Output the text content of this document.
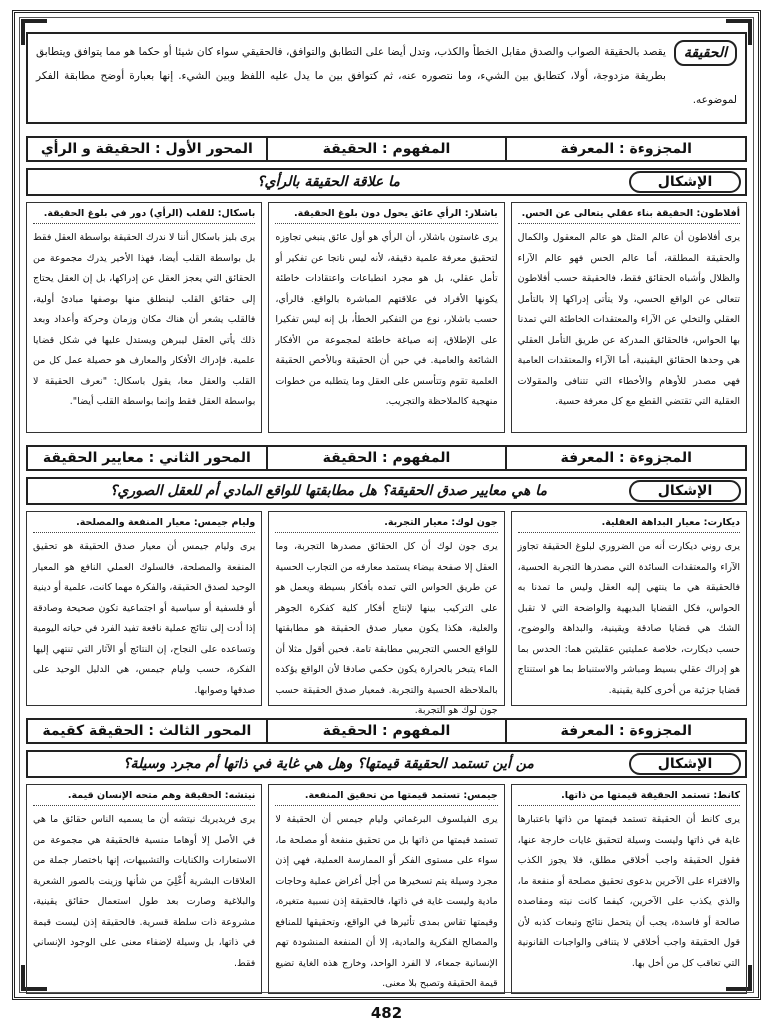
الحقيقة
يقصد بالحقيقة الصواب والصدق مقابل الخطأ والكذب، وتدل أيضا على التطابق والتوافق، فالحقيقي سواء كان شيئا أو حكما هو مما يتوافق ويتطابق بطريقة مزدوجة، أولا، كتطابق بين الشيء، وما نتصوره عنه، ثم كتوافق بين ما يدل عليه اللفظ وبين الشيء. إنها بعبارة أوضح مطابقة الفكر لموضوعه.
المجزوءة : المعرفة
المفهوم : الحقيقة
المحور الأول : الحقيقة و الرأي
الإشكال
ما علاقة الحقيقة بالرأي؟
أفلاطون: الحقيقة بناء عقلي يتعالى عن الحس.
يرى أفلاطون أن عالم المثل هو عالم المعقول والكمال والحقيقة المطلقة، أما عالم الحس فهو عالم الآراء والظلال وأشباه الحقائق فقط، فالحقيقة حسب أفلاطون تتعالى عن الواقع الحسي، ولا يتأتى إدراكها إلا بالتأمل العقلي والتخلي عن الآراء والمعتقدات الخاطئة التي تمدنا بها الحواس، فالحقائق المدركة عن طريق التأمل العقلي هي وحدها الحقائق اليقينية، أما الآراء والمعتقدات العامية فهي مصدر للأوهام والأخطاء التي تتنافى والمقولات العقلية التي تقتضي القطع مع كل معرفة حسية.
باشلار: الرأي عائق يحول دون بلوغ الحقيقة.
يرى غاستون باشلار، أن الرأي هو أول عائق ينبغي تجاوزه لتحقيق معرفة علمية دقيقة، لأنه ليس ناتجا عن تفكير أو تأمل عقلي، بل هو مجرد انطباعات واعتقادات خاطئة يكونها الأفراد في علاقتهم المباشرة بالواقع. فالرأي، حسب باشلار، نوع من التفكير الخطأ، بل إنه ليس تفكيرا على الإطلاق، إنه صياغة خاطئة لمجموعة من الأفكار الشائعة والعامية. في حين أن الحقيقة وبالأخص الحقيقة العلمية تقوم وتتأسس على العقل وما يتطلبه من خطوات منهجية كالملاحظة والتجريب.
باسكال: للقلب (الرأي) دور في بلوغ الحقيقة.
يرى بليز باسكال أننا لا ندرك الحقيقة بواسطة العقل فقط بل بواسطة القلب أيضا، فهذا الأخير يدرك مجموعة من الحقائق التي يعجز العقل عن إدراكها، بل إن العقل يحتاج إلى حقائق القلب لينطلق منها بوصفها مبادئ أولية، فالقلب يشعر أن هناك مكان وزمان وحركة وأعداد وبعد ذلك يأتي العقل ليبرهن ويستدل عليها في شكل قضايا علمية. فإدراك الأفكار والمعارف هو حصيلة عمل كل من القلب والعقل معا، يقول باسكال: "نعرف الحقيقة لا بواسطة العقل فقط وإنما بواسطة القلب أيضا".
المجزوءة : المعرفة
المفهوم : الحقيقة
المحور الثاني : معايير الحقيقة
الإشكال
ما هي معايير صدق الحقيقة؟ هل مطابقتها للواقع المادي أم للعقل الصوري؟
ديكارت: معيار البداهة العقلية.
يرى روني ديكارت أنه من الضروري لبلوغ الحقيقة تجاوز الآراء والمعتقدات السائدة التي مصدرها التجربة الحسية، فالحقيقة هي ما ينتهي إليه العقل وليس ما تمدنا به الحواس، فكل القضايا البديهية والواضحة التي لا تقبل الشك هي قضايا صادقة ويقينية، والبداهة والوضوح، حسب ديكارت، خلاصة عمليتين عقليتين هما: الحدس بما هو إدراك عقلي بسيط ومباشر والاستنباط بما هو استنتاج قضايا جزئية من أخرى كلية يقينية.
جون لوك: معيار التجربة.
يرى جون لوك أن كل الحقائق مصدرها التجربة، وما العقل إلا صفحة بيضاء يستمد معارفه من التجارب الحسية عن طريق الحواس التي تمده بأفكار بسيطة ويعمل هو على التركيب بينها لإنتاج أفكار كلية كفكرة الجوهر والعلية، هكذا يكون معيار صدق الحقيقة هو مطابقتها للواقع الحسي التجريبي مطابقة تامة. فحين أقول مثلا أن الماء يتبخر بالحرارة يكون حكمي صادقا لأن الواقع يؤكده بالملاحظة الحسية والتجربة. فمعيار صدق الحقيقة حسب جون لوك هو التجربة.
وليام جيمس: معيار المنفعة والمصلحة.
يرى وليام جيمس أن معيار صدق الحقيقة هو تحقيق المنفعة والمصلحة، فالسلوك العملي النافع هو المعيار الوحيد لصدق الحقيقة، والفكرة مهما كانت، علمية أو دينية أو فلسفية أو سياسية أو اجتماعية تكون صحيحة وصادقة إذا أدت إلى نتائج عملية نافعة تفيد الفرد في حياته اليومية وتساعده على النجاح، إن النتائج أو الآثار التي تنتهي إليها الفكرة، حسب وليام جيمس، هي الدليل الوحيد على صدقها وصوابها.
المجزوءة : المعرفة
المفهوم : الحقيقة
المحور الثالث : الحقيقة كقيمة
الإشكال
من أين تستمد الحقيقة قيمتها؟ وهل هي غاية في ذاتها أم مجرد وسيلة؟
كانط: تستمد الحقيقة قيمتها من ذاتها.
يرى كانط أن الحقيقة تستمد قيمتها من ذاتها باعتبارها غاية في ذاتها وليست وسيلة لتحقيق غايات خارجة عنها، فقول الحقيقة واجب أخلاقي مطلق، فلا يجوز الكذب والافتراء على الآخرين بدعوى تحقيق مصلحة أو منفعة ما، والذي يكذب على الآخرين، كيفما كانت نيته ومقاصده صالحة أو فاسدة، يجب أن يتحمل نتائج وتبعات كذبه لأن قول الحقيقة واجب أخلاقي لا يتنافى والواجبات القانونية التي تعاقب كل من أخل بها.
جيمس: تستمد قيمتها من تحقيق المنفعة.
يرى الفيلسوف البرغماتي وليام جيمس أن الحقيقة لا تستمد قيمتها من ذاتها بل من تحقيق منفعة أو مصلحة ما، سواء على مستوى الفكر أو الممارسة العملية، فهي إذن مجرد وسيلة يتم تسخيرها من أجل أغراض عملية وحاجات مادية وليست غاية في ذاتها، فالحقيقة إذن نسبية متغيرة، وقيمتها تقاس بمدى تأثيرها في الواقع، وتحقيقها للمنافع والمصالح الفكرية والمادية، إلا أن المنفعة المنشودة تهم الإنسانية جمعاء، لا الفرد الواحد، وخارج هذه الغاية تضيع قيمة الحقيقة وتصبح بلا معنى.
نيتشه: الحقيقة وهم متحه الإنسان قيمة.
يرى فريديريك نيتشه أن ما يسميه الناس حقائق ما هي في الأصل إلا أوهاما منسية فالحقيقة هي مجموعة من الاستعارات والكنايات والتشبيهات، إنها باختصار جملة من العلاقات البشرية أُعْلِيَ من شأنها وزينت بالصور الشعرية والبلاغية وصارت بعد طول استعمال حقائق يقينية، مشروعة ذات سلطة قسرية. فالحقيقة إذن ليست قيمة في ذاتها، بل وسيلة لإضفاء معنى على الوجود الإنساني فقط.
482
